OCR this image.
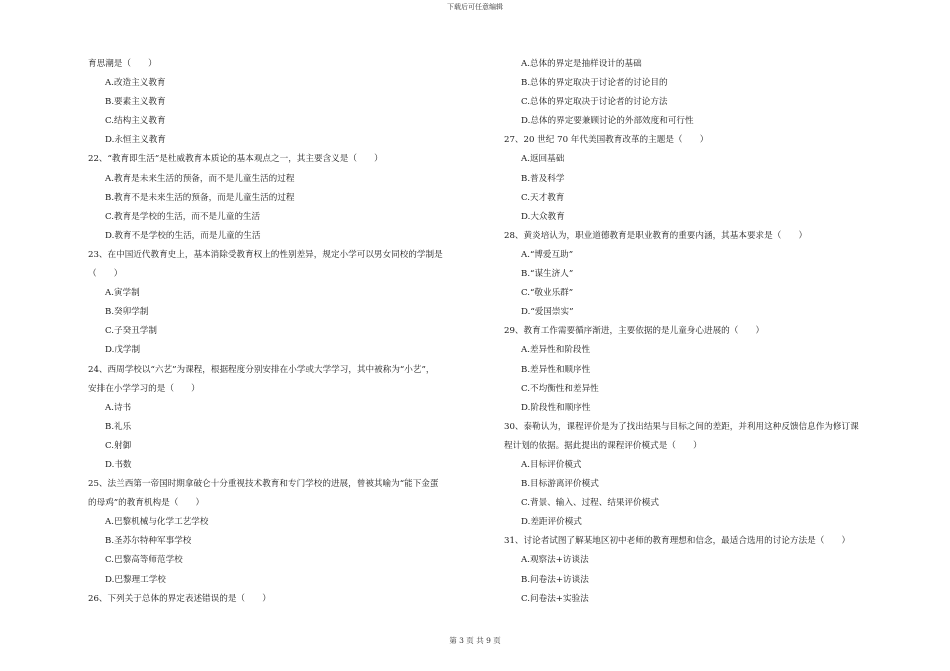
下载后可任意编辑
育思潮是（　　）
A.改造主义教育
B.要素主义教育
C.结构主义教育
D.永恒主义教育
22、“教育即生活”是杜威教育本质论的基本观点之一，其主要含义是（　　）
A.教育是未来生活的预备，而不是儿童生活的过程
B.教育不是未来生活的预备，而是儿童生活的过程
C.教育是学校的生活，而不是儿童的生活
D.教育不是学校的生活，而是儿童的生活
23、在中国近代教育史上，基本消除受教育权上的性别差异，规定小学可以男女同校的学制是
（　　）
A.寅学制
B.癸卯学制
C.子癸丑学制
D.戊学制
24、西周学校以“六艺”为课程，根据程度分别安排在小学或大学学习，其中被称为“小艺”，
安排在小学学习的是（　　）
A.诗书
B.礼乐
C.射御
D.书数
25、法兰西第一帝国时期拿破仑十分重视技术教育和专门学校的进展，曾被其喻为“能下金蛋
的母鸡”的教育机构是（　　）
A.巴黎机械与化学工艺学校
B.圣苏尔特种军事学校
C.巴黎高等师范学校
D.巴黎理工学校
26、下列关于总体的界定表述错误的是（　　）
A.总体的界定是抽样设计的基础
B.总体的界定取决于讨论者的讨论目的
C.总体的界定取决于讨论者的讨论方法
D.总体的界定要兼顾讨论的外部效度和可行性
27、20 世纪 70 年代美国教育改革的主题是（　　）
A.返回基础
B.普及科学
C.天才教育
D.大众教育
28、黄炎培认为，职业道德教育是职业教育的重要内涵，其基本要求是（　　）
A.“博爱互助”
B.“谋生济人”
C.“敬业乐群”
D.“爱国崇实”
29、教育工作需要循序渐进，主要依据的是儿童身心进展的（　　）
A.差异性和阶段性
B.差异性和顺序性
C.不均衡性和差异性
D.阶段性和顺序性
30、泰勒认为，课程评价是为了找出结果与目标之间的差距，并利用这种反馈信息作为修订课
程计划的依据。据此提出的课程评价模式是（　　）
A.目标评价模式
B.目标游离评价模式
C.背景、输入、过程、结果评价模式
D.差距评价模式
31、讨论者试图了解某地区初中老师的教育理想和信念，最适合选用的讨论方法是（　　）
A.观察法+访谈法
B.问卷法+访谈法
C.问卷法+实验法
第 3 页 共 9 页
